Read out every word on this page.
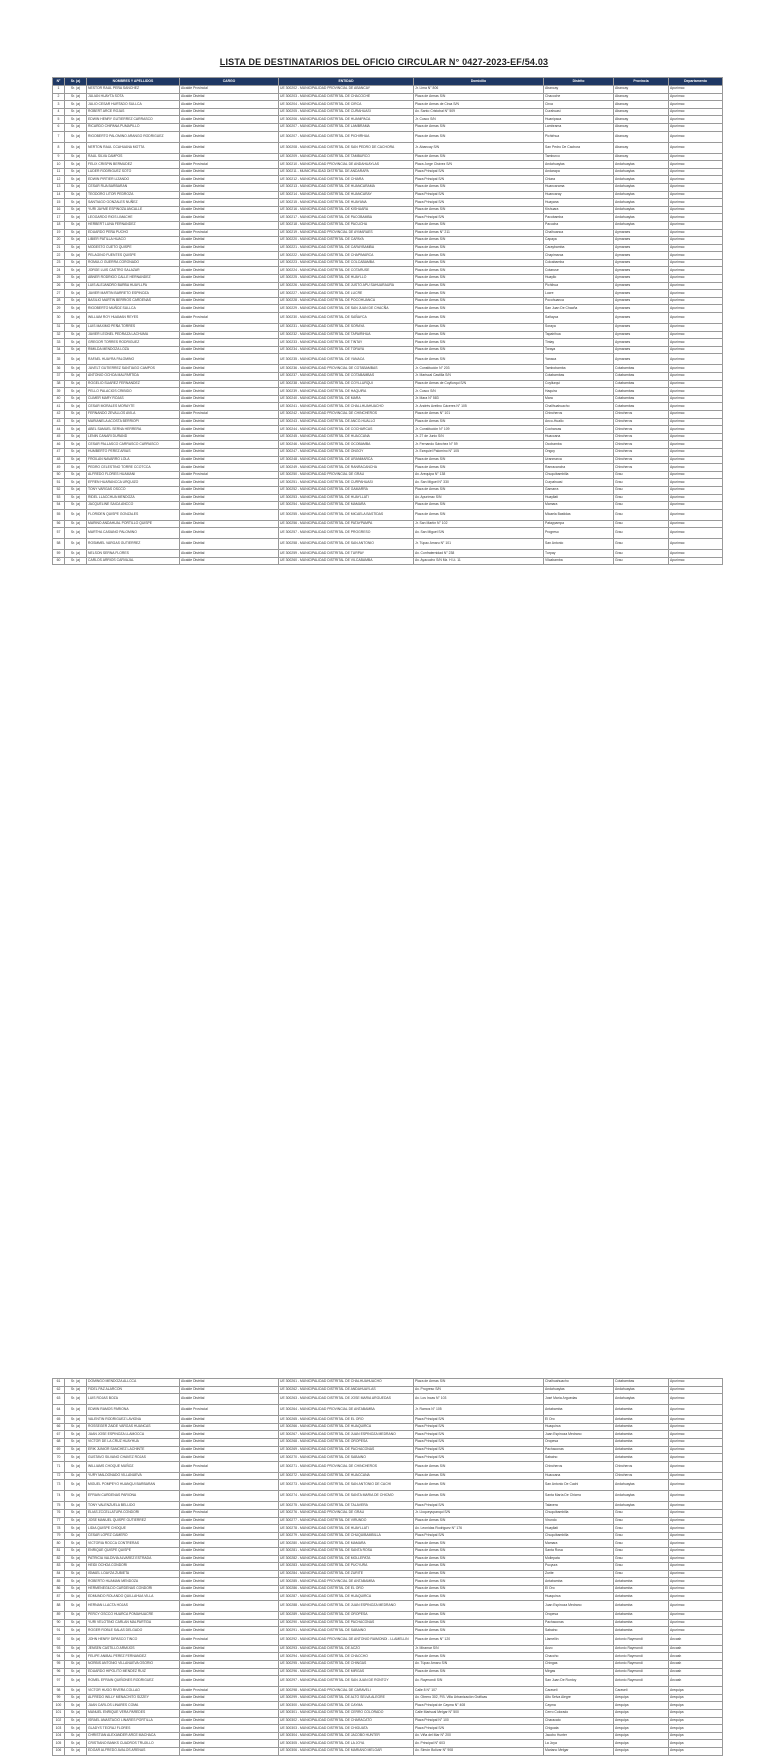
LISTA DE DESTINATARIOS DEL OFICIO CIRCULAR N° 0427-2023-EF/54.03
N°	Sr. (a)	NOMBRES Y APELLIDOS	CARGO	ENTIDAD	Domicilio	Distrito	Provincia	Departamento
1	Sr. (a)	NESTOR RAUL PEÑA SANCHEZ	Alcalde Provincial	UE 300202 - MUNICIPALIDAD PROVINCIAL DE ABANCAY	Jr. Lima N° 806	Abancay	Abancay	Apurímac
2	Sr. (a)	JULIAN HUAYTA SOTA	Alcalde Distrital	UE 300203 - MUNICIPALIDAD DISTRITAL DE CHACOCHE	Plaza de Armas S/N	Chacoche	Abancay	Apurímac
3	Sr. (a)	JULIO CESAR HURTADO SULLCA	Alcalde Distrital	UE 300204 - MUNICIPALIDAD DISTRITAL DE CIRCA	Plaza de Armas de Circa S/N	Circa	Abancay	Apurímac
4	Sr. (a)	ROBERT ARCE ROJAS	Alcalde Distrital	UE 300205 - MUNICIPALIDAD DISTRITAL DE CURAHUASI	Av. Santo Cristobal N° 509	Curahuasi	Abancay	Apurímac
5	Sr. (a)	EDWIN HENRY GUTIERREZ CARRASCO	Alcalde Distrital	UE 300206 - MUNICIPALIDAD DISTRITAL DE HUANIPACA	Jr. Cusco S/N	Huanipaca	Abancay	Apurímac
6	Sr. (a)	RICARDO CHIPANA PUMAPILLO	Alcalde Distrital	UE 300207 - MUNICIPALIDAD DISTRITAL DE LAMBRAMA	Plaza de Armas S/N	Lambrama	Abancay	Apurímac
7	Sr. (a)	RIGOBERTO PALOMINO ARANGO RODRIGUEZ	Alcalde Distrital	UE 300207 - MUNICIPALIDAD DISTRITAL DE PICHIRHUA	Plaza de Armas S/N	Pichirhua	Abancay	Apurímac
8	Sr. (a)	NERTON RAUL CCAHUANA MOTTA	Alcalde Distrital	UE 300208 - MUNICIPALIDAD DISTRITAL DE SAN PEDRO DE CACHORA	Jr. Abancay S/N	San Pedro De Cachora	Abancay	Apurímac
9	Sr. (a)	RAUL SILVA CAMPOS	Alcalde Distrital	UE 300209 - MUNICIPALIDAD DISTRITAL DE TAMBURCO	Plaza de Armas S/N	Tamburco	Abancay	Apurímac
10	Sr. (a)	FELIX CRISPIN BERMUDEZ	Alcalde Provincial	UE 300210 - MUNICIPALIDAD PROVINCIAL DE ANDAHUAYLAS	Plaza Jorge Chávez S/N	Andahuaylas	Andahuaylas	Apurímac
11	Sr. (a)	LUDER RODRIGUEZ SOTO	Alcalde Distrital	UE 300211 - MUNICIPALIDAD DISTRITAL DE ANDARAPA	Plaza Principal S/N	Andarapa	Andahuaylas	Apurímac
12	Sr. (a)	EDWIN PIRTIER LIZANDO	Alcalde Distrital	UE 300212 - MUNICIPALIDAD DISTRITAL DE CHIARA	Plaza Principal S/N	Chiara	Andahuaylas	Apurímac
13	Sr. (a)	CESAR RUA BARBARAN	Alcalde Distrital	UE 300213 - MUNICIPALIDAD DISTRITAL DE HUANCARAMA	Plaza de Armas S/N	Huancarama	Andahuaylas	Apurímac
14	Sr. (a)	TEODORO LITOR PEDROZA	Alcalde Distrital	UE 300214 - MUNICIPALIDAD DISTRITAL DE HUANCARAY	Plaza Principal S/N	Huancaray	Andahuaylas	Apurímac
15	Sr. (a)	SANTIAGO GONZALES NUÑEZ	Alcalde Distrital	UE 300215 - MUNICIPALIDAD DISTRITAL DE HUAYANA	Plaza Principal S/N	Huayana	Andahuaylas	Apurímac
16	Sr. (a)	YURI JAYME ESPINOZA ANCALLE	Alcalde Distrital	UE 300216 - MUNICIPALIDAD DISTRITAL DE KISHUARA	Plaza de Armas S/N	Kishuara	Andahuaylas	Apurímac
17	Sr. (a)	LEOGARDO RIOS LIMACHE	Alcalde Distrital	UE 300217 - MUNICIPALIDAD DISTRITAL DE PACOBAMBA	Plaza Principal S/N	Pacobamba	Andahuaylas	Apurímac
18	Sr. (a)	HERBERT LUNA FERNANDEZ	Alcalde Distrital	UE 300218 - MUNICIPALIDAD DISTRITAL DE PACUCHA	Plaza de Armas S/N	Pacucha	Andahuaylas	Apurímac
19	Sr. (a)	EDUARDO PEÑA PUCHO	Alcalde Provincial	UE 300219 - MUNICIPALIDAD PROVINCIAL DE AYMARAES	Plaza de Armas N° 211	Chalhuanca	Aymaraes	Apurímac
20	Sr. (a)	LIBIER PATILLA HUACO	Alcalde Distrital	UE 300220 - MUNICIPALIDAD DISTRITAL DE CAPAYA	Plaza de Armas S/N	Capaya	Aymaraes	Apurímac
21	Sr. (a)	MODESTO CUETO QUISPE	Alcalde Distrital	UE 300221 - MUNICIPALIDAD DISTRITAL DE CARAYBAMBA	Plaza de Armas S/N	Caraybamba	Aymaraes	Apurímac
22	Sr. (a)	PELAGINO FUENTES QUISPE	Alcalde Distrital	UE 300222 - MUNICIPALIDAD DISTRITAL DE CHAPIMARCA	Plaza de Armas S/N	Chapimarca	Aymaraes	Apurímac
23	Sr. (a)	ROMULO GUERRA CORONADO	Alcalde Distrital	UE 300223 - MUNICIPALIDAD DISTRITAL DE COLCABAMBA	Plaza de Armas S/N	Colcabamba	Aymaraes	Apurímac
24	Sr. (a)	JORGE LUIS CASTRO SALAZAR	Alcalde Distrital	UE 300224 - MUNICIPALIDAD DISTRITAL DE COTARUSE	Plaza de Armas S/N	Cotaruse	Aymaraes	Apurímac
25	Sr. (a)	ABNER RODRIGO CALLE HERNANDEZ	Alcalde Distrital	UE 300225 - MUNICIPALIDAD DISTRITAL DE HUAYLLO	Plaza de Armas S/N	Huayllo	Aymaraes	Apurímac
26	Sr. (a)	LUIS ALEJANDRO BARBA HUAYLLPA	Alcalde Distrital	UE 300226 - MUNICIPALIDAD DISTRITAL DE JUSTO APU SAHUARAURA	Plaza de Armas S/N	Pichihua	Aymaraes	Apurímac
27	Sr. (a)	JAVIER MARTIN BARRETO ESPINOZA	Alcalde Distrital	UE 300227 - MUNICIPALIDAD DISTRITAL DE LUCRE	Plaza de Armas S/N	Lucre	Aymaraes	Apurímac
28	Sr. (a)	BASILIO MARTIN BERRIOS CARDENAS	Alcalde Distrital	UE 300228 - MUNICIPALIDAD DISTRITAL DE POCOHUANCA	Plaza de Armas S/N	Pocohuanca	Aymaraes	Apurímac
29	Sr. (a)	RIGOBERTO MUÑOZ SULLCA	Alcalde Distrital	UE 300229 - MUNICIPALIDAD DISTRITAL DE SAN JUAN DE CHACÑA	Plaza de Armas S/N	San Juan De Chacña	Aymaraes	Apurímac
30	Sr. (a)	WILLIAM ROY HUAMAN REYES	Alcalde Provincial	UE 300230 - MUNICIPALIDAD DISTRITAL DE SAÑAYCA	Plaza de Armas S/N	Sañayca	Aymaraes	Apurímac
31	Sr. (a)	LUIS MAXIMO PEÑA TORRES	Alcalde Distrital	UE 300231 - MUNICIPALIDAD DISTRITAL DE SORAYA	Plaza de Armas S/N	Soraya	Aymaraes	Apurímac
32	Sr. (a)	JAVIER LEONEL PEDRAZA LACHUMA	Alcalde Distrital	UE 300232 - MUNICIPALIDAD DISTRITAL DE TAPAIRIHUA	Plaza de Armas S/N	Tapairihua	Aymaraes	Apurímac
33	Sr. (a)	GREGOR TORRES RODRIGUEZ	Alcalde Distrital	UE 300233 - MUNICIPALIDAD DISTRITAL DE TINTAY	Plaza de Armas S/N	Tintay	Aymaraes	Apurímac
34	Sr. (a)	RIMILDA MENDOZA LOZA	Alcalde Distrital	UE 300234 - MUNICIPALIDAD DISTRITAL DE TORAYA	Plaza de Armas S/N	Toraya	Aymaraes	Apurímac
35	Sr. (a)	RAFAEL HUAYRA PALOMINO	Alcalde Distrital	UE 300235 - MUNICIPALIDAD DISTRITAL DE YANACA	Plaza de Armas S/N	Yanaca	Aymaraes	Apurímac
36	Sr. (a)	JUVELT GUTIERREZ SANTIAGO CAMPOS	Alcalde Distrital	UE 300236 - MUNICIPALIDAD PROVINCIAL DE COTABAMBAS	Jr. Constitución N° 203	Tambobamba	Cotabambas	Apurímac
37	Sr. (a)	ANTONIO OCHOA MALPARTIDA	Alcalde Distrital	UE 300237 - MUNICIPALIDAD DISTRITAL DE COTABAMBAS	Jr. Mariscal Castilla S/N	Cotabambas	Cotabambas	Apurímac
38	Sr. (a)	ROGELIO SUAREZ FERNANDEZ	Alcalde Distrital	UE 300238 - MUNICIPALIDAD DISTRITAL DE COYLLURQUI	Plaza de Armas de Coyllurqui S/N	Coyllurqui	Cotabambas	Apurímac
39	Sr. (a)	PELLO PALACIOS CRIBIDO	Alcalde Distrital	UE 300239 - MUNICIPALIDAD DISTRITAL DE HAQUIRA	Jr. Cusco S/N	Haquira	Cotabambas	Apurímac
40	Sr. (a)	CLIMER MARY ROJAS	Alcalde Distrital	UE 300240 - MUNICIPALIDAD DISTRITAL DE MARA	Jr. Mara N° 583	Mara	Cotabambas	Apurímac
41	Sr. (a)	CESAR MORALES MORAYTE	Alcalde Distrital	UE 300241 - MUNICIPALIDAD DISTRITAL DE CHALLHUAHUACHO	Jr. Andrés Avelino Cáceres N° 105	Challhuahuacho	Cotabambas	Apurímac
42	Sr. (a)	FERNANDO ZEVALLOS AVILA	Alcalde Provincial	UE 300242 - MUNICIPALIDAD PROVINCIAL DE CHINCHEROS	Plaza de Armas N° 101	Chincheros	Chincheros	Apurímac
43	Sr. (a)	MARIANELA ACOSTA BERRIOPI	Alcalde Distrital	UE 300243 - MUNICIPALIDAD DISTRITAL DE ANCO-HUALLO	Plaza de Armas S/N	Anco-Huallo	Chincheros	Apurímac
44	Sr. (a)	ABEL SAMUEL SERNA HERRERA	Alcalde Distrital	UE 300244 - MUNICIPALIDAD DISTRITAL DE COCHARCAS	Jr. Constitución N° 109	Cocharcas	Chincheros	Apurímac
45	Sr. (a)	LENIN CANARI DURAND	Alcalde Distrital	UE 300245 - MUNICIPALIDAD DISTRITAL DE HUACCANA	Jr. 27 de Junio S/N	Huaccana	Chincheros	Apurímac
46	Sr. (a)	CESAR PALLASCO CARRASCO CARRASCO	Alcalde Distrital	UE 300246 - MUNICIPALIDAD DISTRITAL DE OCOBAMBA	Jr. Fernando Sánchez N° 59	Ocobamba	Chincheros	Apurímac
47	Sr. (a)	HUMBERTO PEREZ ARIAS	Alcalde Distrital	UE 300247 - MUNICIPALIDAD DISTRITAL DE ONGOY	Jr. Ezequiel Palomino N° 105	Ongoy	Chincheros	Apurímac
48	Sr. (a)	FROILAN NAVARRO LOLA	Alcalde Distrital	UE 300248 - MUNICIPALIDAD DISTRITAL DE URANMARCA	Plaza de Armas S/N	Uranmarca	Chincheros	Apurímac
49	Sr. (a)	PEDRO CELESTINO TORRE CCOTCCA	Alcalde Distrital	UE 300249 - MUNICIPALIDAD DISTRITAL DE RANRACANCHA	Plaza de Armas S/N	Ranracancha	Chincheros	Apurímac
50	Sr. (a)	ALFREDO FLORES HUAMANI	Alcalde Provincial	UE 300250 - MUNICIPALIDAD PROVINCIAL DE GRAU	Av. Arequipa N° 138	Chuquibambilla	Grau	Apurímac
51	Sr. (a)	EFREN HUARANCCA URQUIZO	Alcalde Distrital	UE 300251 - MUNICIPALIDAD DISTRITAL DE CURPAHUASI	Av. San Miguel N° 330	Curpahuasi	Grau	Apurímac
52	Sr. (a)	TONY VARGAS OSCCO	Alcalde Distrital	UE 300252 - MUNICIPALIDAD DISTRITAL DE GAMARRA	Plaza de Armas S/N	Gamarra	Grau	Apurímac
53	Sr. (a)	RIDEL LLACCHUA MENDOZA	Alcalde Distrital	UE 300253 - MUNICIPALIDAD DISTRITAL DE HUAYLLATI	Av. Apurímac S/N	Huayllati	Grau	Apurímac
54	Sr. (a)	JACQUELINE SAICA ANCCO	Alcalde Distrital	UE 300254 - MUNICIPALIDAD DISTRITAL DE MAMARA	Plaza de Armas S/N	Mamara	Grau	Apurímac
55	Sr. (a)	FLORIDEN QUISPE GONZALES	Alcalde Distrital	UE 300255 - MUNICIPALIDAD DISTRITAL DE MICAELA BASTIDAS	Plaza de Armas S/N	Micaela Bastidas	Grau	Apurímac
56	Sr. (a)	MARINO ANDAHUAL PORTILLO QUISPE	Alcalde Distrital	UE 300256 - MUNICIPALIDAD DISTRITAL DE PATAYPAMPA	Jr. San Martín N° 102	Pataypampa	Grau	Apurímac
57	Sr. (a)	MARTHA CASIANO PALOMINO	Alcalde Distrital	UE 300257 - MUNICIPALIDAD DISTRITAL DE PROGRESO	Av. San Miguel S/N	Progreso	Grau	Apurímac
58	Sr. (a)	ROSMMEL VARGAS GUTIERREZ	Alcalde Distrital	UE 300258 - MUNICIPALIDAD DISTRITAL DE SAN ANTONIO	Jr. Túpac Amaru N° 101	San Antonio	Grau	Apurímac
59	Sr. (a)	NELSON SERNA FLORES	Alcalde Distrital	UE 300259 - MUNICIPALIDAD DISTRITAL DE TURPAY	Av. Confraternidad N° 238	Turpay	Grau	Apurímac
60	Sr. (a)	CARLOS ARRIOS CARVAJAL	Alcalde Distrital	UE 300260 - MUNICIPALIDAD DISTRITAL DE VILCABAMBA	Av. Ayacucho S/N Mz. H Lt. 11	Vilcabamba	Grau	Apurímac
61	Sr. (a)	DOMINGO MENDOZA ALLCCA	Alcalde Distrital	UE 300261 - MUNICIPALIDAD DISTRITAL DE CHALHUAHUACHO	Plaza de Armas S/N	Chalhuahuacho	Cotabambas	Apurímac
62	Sr. (a)	FIDEL PAZ ALARCON	Alcalde Distrital	UE 300262 - MUNICIPALIDAD DISTRITAL DE ANDAHUAYLAS	Av. Progreso S/N	Andahuaylas	Andahuaylas	Apurímac
63	Sr. (a)	LUIS ROJAS BOZA	Alcalde Distrital	UE 300263 - MUNICIPALIDAD DISTRITAL DE JOSE MARIA ARGUEDAS	Av. Los Incas N° 103	José María Arguedas	Andahuaylas	Apurímac
64	Sr. (a)	EDWIN RAMOS PARIONA	Alcalde Provincial	UE 300264 - MUNICIPALIDAD PROVINCIAL DE ANTABAMBA	Jr. Ramos N° 105	Antabamba	Antabamba	Apurímac
65	Sr. (a)	VALENTIN RODRIGUEZ LAVIGNA	Alcalde Distrital	UE 300265 - MUNICIPALIDAD DISTRITAL DE EL ORO	Plaza Principal S/N	El Oro	Antabamba	Apurímac
66	Sr. (a)	ROSSEGER ZAIDE VARGAS HUANCAS	Alcalde Distrital	UE 300266 - MUNICIPALIDAD DISTRITAL DE HUAQUIRCA	Plaza Principal S/N	Huaquirca	Antabamba	Apurímac
67	Sr. (a)	JUAN JOSE ESPINOZA LLAMOCCA	Alcalde Distrital	UE 300267 - MUNICIPALIDAD DISTRITAL DE JUAN ESPINOZA MEDRANO	Plaza Principal S/N	Juan Espinoza Medrano	Antabamba	Apurímac
68	Sr. (a)	VICTOR DE LA CRUZ HUAYHUA	Alcalde Distrital	UE 300268 - MUNICIPALIDAD DISTRITAL DE OROPESA	Plaza Principal S/N	Oropesa	Antabamba	Apurímac
69	Sr. (a)	ERIK JUNIOR SANCHEZ LACHINTE	Alcalde Distrital	UE 300269 - MUNICIPALIDAD DISTRITAL DE PACHACONAS	Plaza Principal S/N	Pachaconas	Antabamba	Apurímac
70	Sr. (a)	GUSTAVO SILVANO CHAVEZ ROJAS	Alcalde Distrital	UE 300270 - MUNICIPALIDAD DISTRITAL DE SABAINO	Plaza Principal S/N	Sabaino	Antabamba	Apurímac
71	Sr. (a)	WILLIAMS CHOQUE MUÑOZ	Alcalde Provincial	UE 300271 - MUNICIPALIDAD PROVINCIAL DE CHINCHEROS	Plaza de Armas S/N	Chincheros	Chincheros	Apurímac
72	Sr. (a)	YURY MALDONADO VILLANUEVA	Alcalde Distrital	UE 300272 - MUNICIPALIDAD DISTRITAL DE HUACCANA	Plaza de Armas S/N	Huaccana	Chincheros	Apurímac
73	Sr. (a)	MIGUEL POMPEYO HUANQUI BARBARAN	Alcalde Distrital	UE 300273 - MUNICIPALIDAD DISTRITAL DE SAN ANTONIO DE CACHI	Plaza de Armas S/N	San Antonio De Cachi	Andahuaylas	Apurímac
74	Sr. (a)	EFRAIN CARDENAS PARIONA	Alcalde Distrital	UE 300274 - MUNICIPALIDAD DISTRITAL DE SANTA MARIA DE CHICMO	Plaza de Armas S/N	Santa María De Chicmo	Andahuaylas	Apurímac
75	Sr. (a)	TONY VALENZUELA BELLIDO	Alcalde Distrital	UE 300275 - MUNICIPALIDAD DISTRITAL DE TALAVERA	Plaza Principal S/N	Talavera	Andahuaylas	Apurímac
76	Sr. (a)	ELIAS ZCCELLATUPA CONDORI	Alcalde Provincial	UE 300276 - MUNICIPALIDAD PROVINCIAL DE GRAU	Jr. Lloqueyupanqui S/N	Chuquibambilla	Grau	Apurímac
77	Sr. (a)	JOSE MANUEL QUISPE GUTIERREZ	Alcalde Distrital	UE 300277 - MUNICIPALIDAD DISTRITAL DE VIRUNDO	Plaza de Armas S/N	Virundo	Grau	Apurímac
78	Sr. (a)	LIDIA QUISPE CHOQUE	Alcalde Distrital	UE 300278 - MUNICIPALIDAD DISTRITAL DE HUAYLLATI	Av. Leonidas Rodriguez N° 176	Huayllati	Grau	Apurímac
79	Sr. (a)	CESAR LOPEZ CAMERO	Alcalde Distrital	UE 300279 - MUNICIPALIDAD DISTRITAL DE CHUQUIBAMBILLA	Plaza Principal S/N	Chuquibambilla	Grau	Apurímac
80	Sr. (a)	VICTORIA ROCCA CONTRERAS	Alcalde Distrital	UE 300280 - MUNICIPALIDAD DISTRITAL DE MAMARA	Plaza de Armas S/N	Mamara	Grau	Apurímac
81	Sr. (a)	ENRIQUE QUISPE QUISPE	Alcalde Distrital	UE 300281 - MUNICIPALIDAD DISTRITAL DE SANTA ROSA	Plaza de Armas S/N	Santa Rosa	Grau	Apurímac
82	Sr. (a)	PATRICIA VALDIVIA ALVAREZ ESTRADA	Alcalde Distrital	UE 300282 - MUNICIPALIDAD DISTRITAL DE MOLLEPATA	Plaza de Armas S/N	Mollepata	Grau	Apurímac
83	Sr. (a)	HEIDI OCHOA CONDORI	Alcalde Distrital	UE 300283 - MUNICIPALIDAD DISTRITAL DE PUCYURA	Plaza de Armas S/N	Pucyura	Grau	Apurímac
84	Sr. (a)	ISMAEL LOAYZA ZUBIETA	Alcalde Distrital	UE 300284 - MUNICIPALIDAD DISTRITAL DE ZURITE	Plaza de Armas S/N	Zurite	Grau	Apurímac
85	Sr. (a)	ROBERTO HUAMAN MENDOZA	Alcalde Distrital	UE 300285 - MUNICIPALIDAD PROVINCIAL DE ANTABAMBA	Plaza de Armas S/N	Antabamba	Antabamba	Apurímac
86	Sr. (a)	HERMENEGILDO CARDENAS CONDORI	Alcalde Distrital	UE 300286 - MUNICIPALIDAD DISTRITAL DE EL ORO	Plaza de Armas S/N	El Oro	Antabamba	Apurímac
87	Sr. (a)	EDMUNDO ROLANDO QUILLAHUA VILLA	Alcalde Distrital	UE 300287 - MUNICIPALIDAD DISTRITAL DE HUAQUIRCA	Plaza de Armas S/N	Huaquirca	Antabamba	Apurímac
88	Sr. (a)	HERNAN LLACTA HOJAS	Alcalde Distrital	UE 300288 - MUNICIPALIDAD DISTRITAL DE JUAN ESPINOZA MEDRANO	Plaza de Armas S/N	Juan Espinoza Medrano	Antabamba	Apurímac
89	Sr. (a)	PERCY OSCCO HUARCA POMAHUACRE	Alcalde Distrital	UE 300289 - MUNICIPALIDAD DISTRITAL DE OROPESA	Plaza de Armas S/N	Oropesa	Antabamba	Apurímac
90	Sr. (a)	YURI VELOTINO CARLAN MALPARTIDA	Alcalde Distrital	UE 300290 - MUNICIPALIDAD DISTRITAL DE PACHACONAS	Plaza de Armas S/N	Pachaconas	Antabamba	Apurímac
91	Sr. (a)	ROGER ROBLE SALAS DELGADO	Alcalde Distrital	UE 300291 - MUNICIPALIDAD DISTRITAL DE SABAINO	Plaza de Armas S/N	Sabaino	Antabamba	Apurímac
92	Sr. (a)	JOHN HENRY DIPASCO TINCO	Alcalde Provincial	UE 300292 - MUNICIPALIDAD PROVINCIAL DE ANTONIO RAIMONDI - LLAMELLIN	Plaza de Armas N° 120	Llamellín	Antonio Raymondi	Áncash
93	Sr. (a)	JENSEN CASTILLO ARMIJOS	Alcalde Distrital	UE 300293 - MUNICIPALIDAD DISTRITAL DE ACZO	Jr. Miramar S/N	Aczo	Antonio Raymondi	Áncash
94	Sr. (a)	FELIPE ANIBAL PEREZ FERNANDEZ	Alcalde Distrital	UE 300294 - MUNICIPALIDAD DISTRITAL DE CHACCHO	Plaza de Armas S/N	Chaccho	Antonio Raymondi	Áncash
95	Sr. (a)	NORBIS ANTONIO VILLANUEVA OSORIO	Alcalde Distrital	UE 300295 - MUNICIPALIDAD DISTRITAL DE CHINGAS	Av. Túpac Amaru S/N	Chingas	Antonio Raymondi	Áncash
96	Sr. (a)	EDUARDO HIPOLITO MENDEZ RUIZ	Alcalde Distrital	UE 300296 - MUNICIPALIDAD DISTRITAL DE MIRGAS	Plaza de Armas S/N	Mirgas	Antonio Raymondi	Áncash
97	Sr. (a)	ROMEL EFRAIN QUIÑONES RODRIGUEZ	Alcalde Distrital	UE 300297 - MUNICIPALIDAD DISTRITAL DE SAN JUAN DE RONTOY	Av. Raymondi S/N	San Juan De Rontoy	Antonio Raymondi	Áncash
98	Sr. (a)	VICTOR HUGO RIVERA COLLAO	Alcalde Provincial	UE 300298 - MUNICIPALIDAD PROVINCIAL DE CARAVELI	Calle 8 N° 107	Caravelí	Caravelí	Arequipa
99	Sr. (a)	ALFREDO WILLY MENACHITO SIZZEY	Alcalde Distrital	UE 300299 - MUNICIPALIDAD DISTRITAL DE ALTO SELVA ALEGRE	Av. Obrero 302, P.B. Villa Urbanización Gráficas	Alto Selva Alegre	Arequipa	Arequipa
100	Sr. (a)	JUAN CARLOS LINARES COMA	Alcalde Distrital	UE 300300 - MUNICIPALIDAD DISTRITAL DE CAYMA	Plaza Principal de Cayma N° 408	Cayma	Arequipa	Arequipa
101	Sr. (a)	MANUEL ENRIQUE VERA PAREDES	Alcalde Distrital	UE 300301 - MUNICIPALIDAD DISTRITAL DE CERRO COLORADO	Calle Mariscal Melgar N° 500	Cerro Colorado	Arequipa	Arequipa
102	Sr. (a)	ISRAEL ANASTACIO LINARES PORTILLA	Alcalde Distrital	UE 300302 - MUNICIPALIDAD DISTRITAL DE CHARACATO	Plaza Principal N° 100	Characato	Arequipa	Arequipa
103	Sr. (a)	GLADYS TECRAJ FLORES	Alcalde Distrital	UE 300303 - MUNICIPALIDAD DISTRITAL DE CHIGUATA	Plaza Principal S/N	Chiguata	Arequipa	Arequipa
104	Sr. (a)	CHRISTIAN ALEXANDER ARCE MACHACA	Alcalde Distrital	UE 300304 - MUNICIPALIDAD DISTRITAL DE JACOBO HUNTER	Av. Viña del Mar N° 200	Jacobo Hunter	Arequipa	Arequipa
105	Sr. (a)	CRISTIANO BANKS CUADROS TRUJILLO	Alcalde Distrital	UE 300305 - MUNICIPALIDAD DISTRITAL DE LA JOYA	Av. Principal N° 603	La Joya	Arequipa	Arequipa
106	Sr. (a)	EDGAR ALFREDO AVALOS ARENAS	Alcalde Distrital	UE 300306 - MUNICIPALIDAD DISTRITAL DE MARIANO MELGAR	Av. Simón Bolívar N° 908	Mariano Melgar	Arequipa	Arequipa
